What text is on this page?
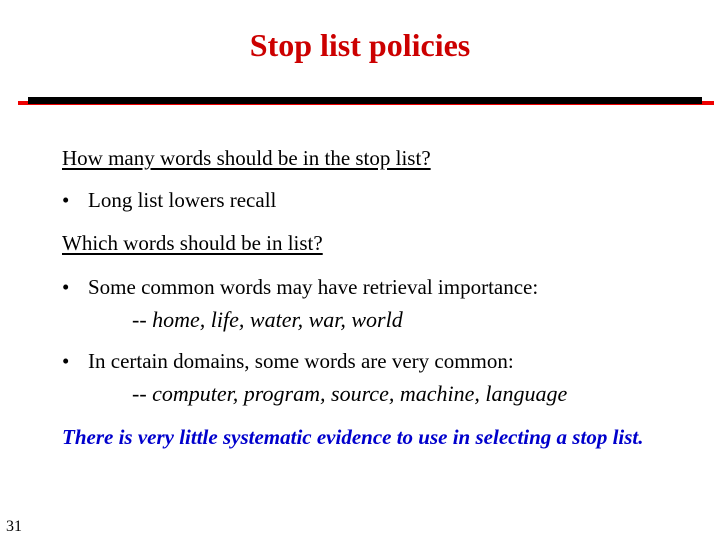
Stop list policies
How many words should be in the stop list?
• Long list lowers recall
Which words should be in list?
• Some common words may have retrieval importance:
-- home, life, water, war, world
• In certain domains, some words are very common:
-- computer, program, source, machine, language
There is very little systematic evidence to use in selecting a stop list.
31
